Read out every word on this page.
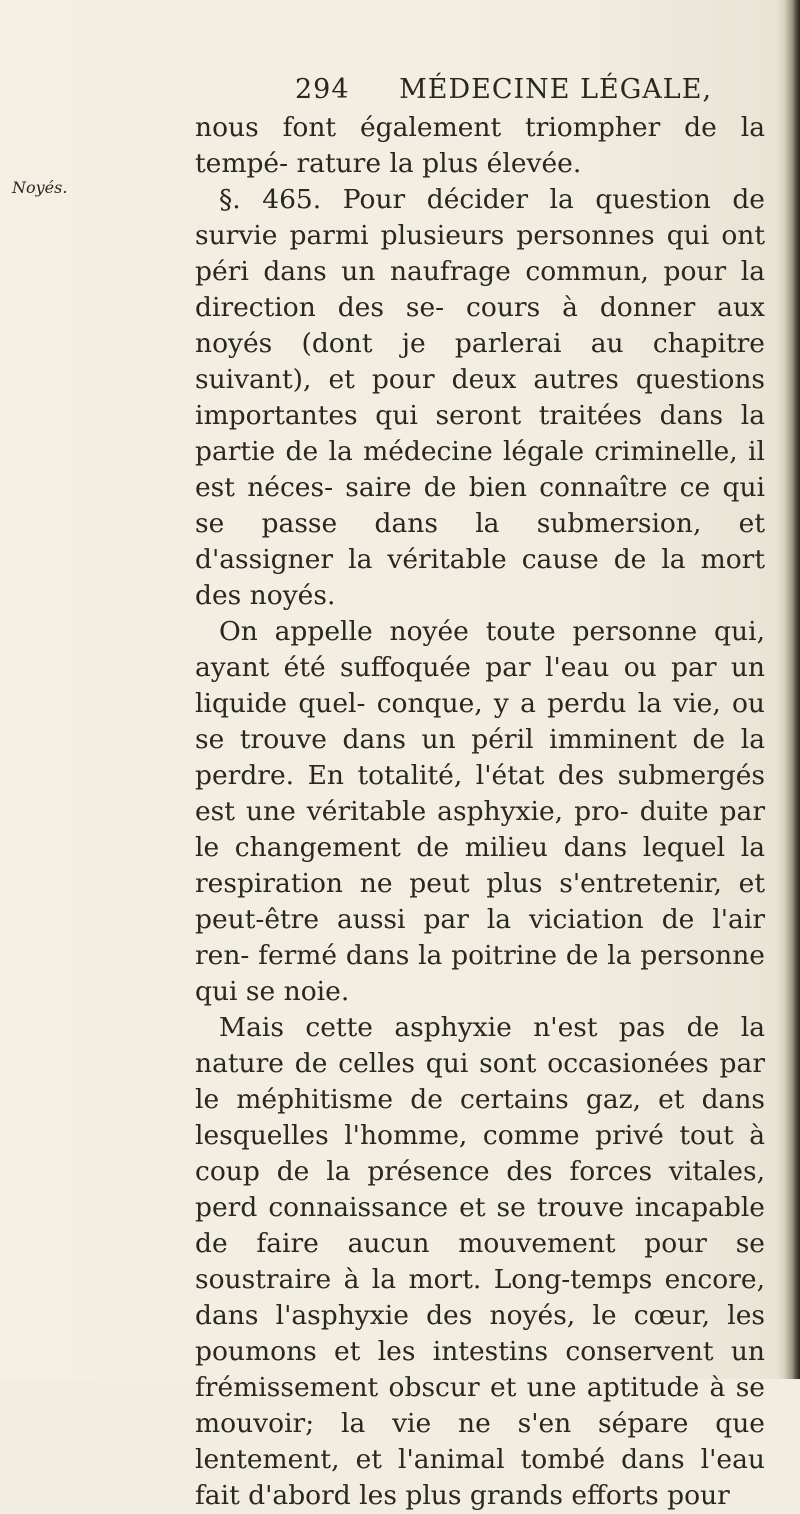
294 MÉDECINE LÉGALE,
Noyés.

nous font également triompher de la tempé- rature la plus élevée.

§. 465. Pour décider la question de survie parmi plusieurs personnes qui ont péri dans un naufrage commun, pour la direction des se- cours à donner aux noyés (dont je parlerai au chapitre suivant), et pour deux autres questions importantes qui seront traitées dans la partie de la médecine légale criminelle, il est néces- saire de bien connaître ce qui se passe dans la submersion, et d'assigner la véritable cause de la mort des noyés.

On appelle noyée toute personne qui, ayant été suffoquée par l'eau ou par un liquide quel- conque, y a perdu la vie, ou se trouve dans un péril imminent de la perdre. En totalité, l'état des submergés est une véritable asphyxie, pro- duite par le changement de milieu dans lequel la respiration ne peut plus s'entretenir, et peut-être aussi par la viciation de l'air ren- fermé dans la poitrine de la personne qui se noie.

Mais cette asphyxie n'est pas de la nature de celles qui sont occasionées par le méphitisme de certains gaz, et dans lesquelles l'homme, comme privé tout à coup de la présence des forces vitales, perd connaissance et se trouve incapable de faire aucun mouvement pour se soustraire à la mort. Long-temps encore, dans l'asphyxie des noyés, le cœur, les poumons et les intestins conservent un frémissement obscur et une aptitude à se mouvoir; la vie ne s'en sépare que lentement, et l'animal tombé dans l'eau fait d'abord les plus grands efforts pour
